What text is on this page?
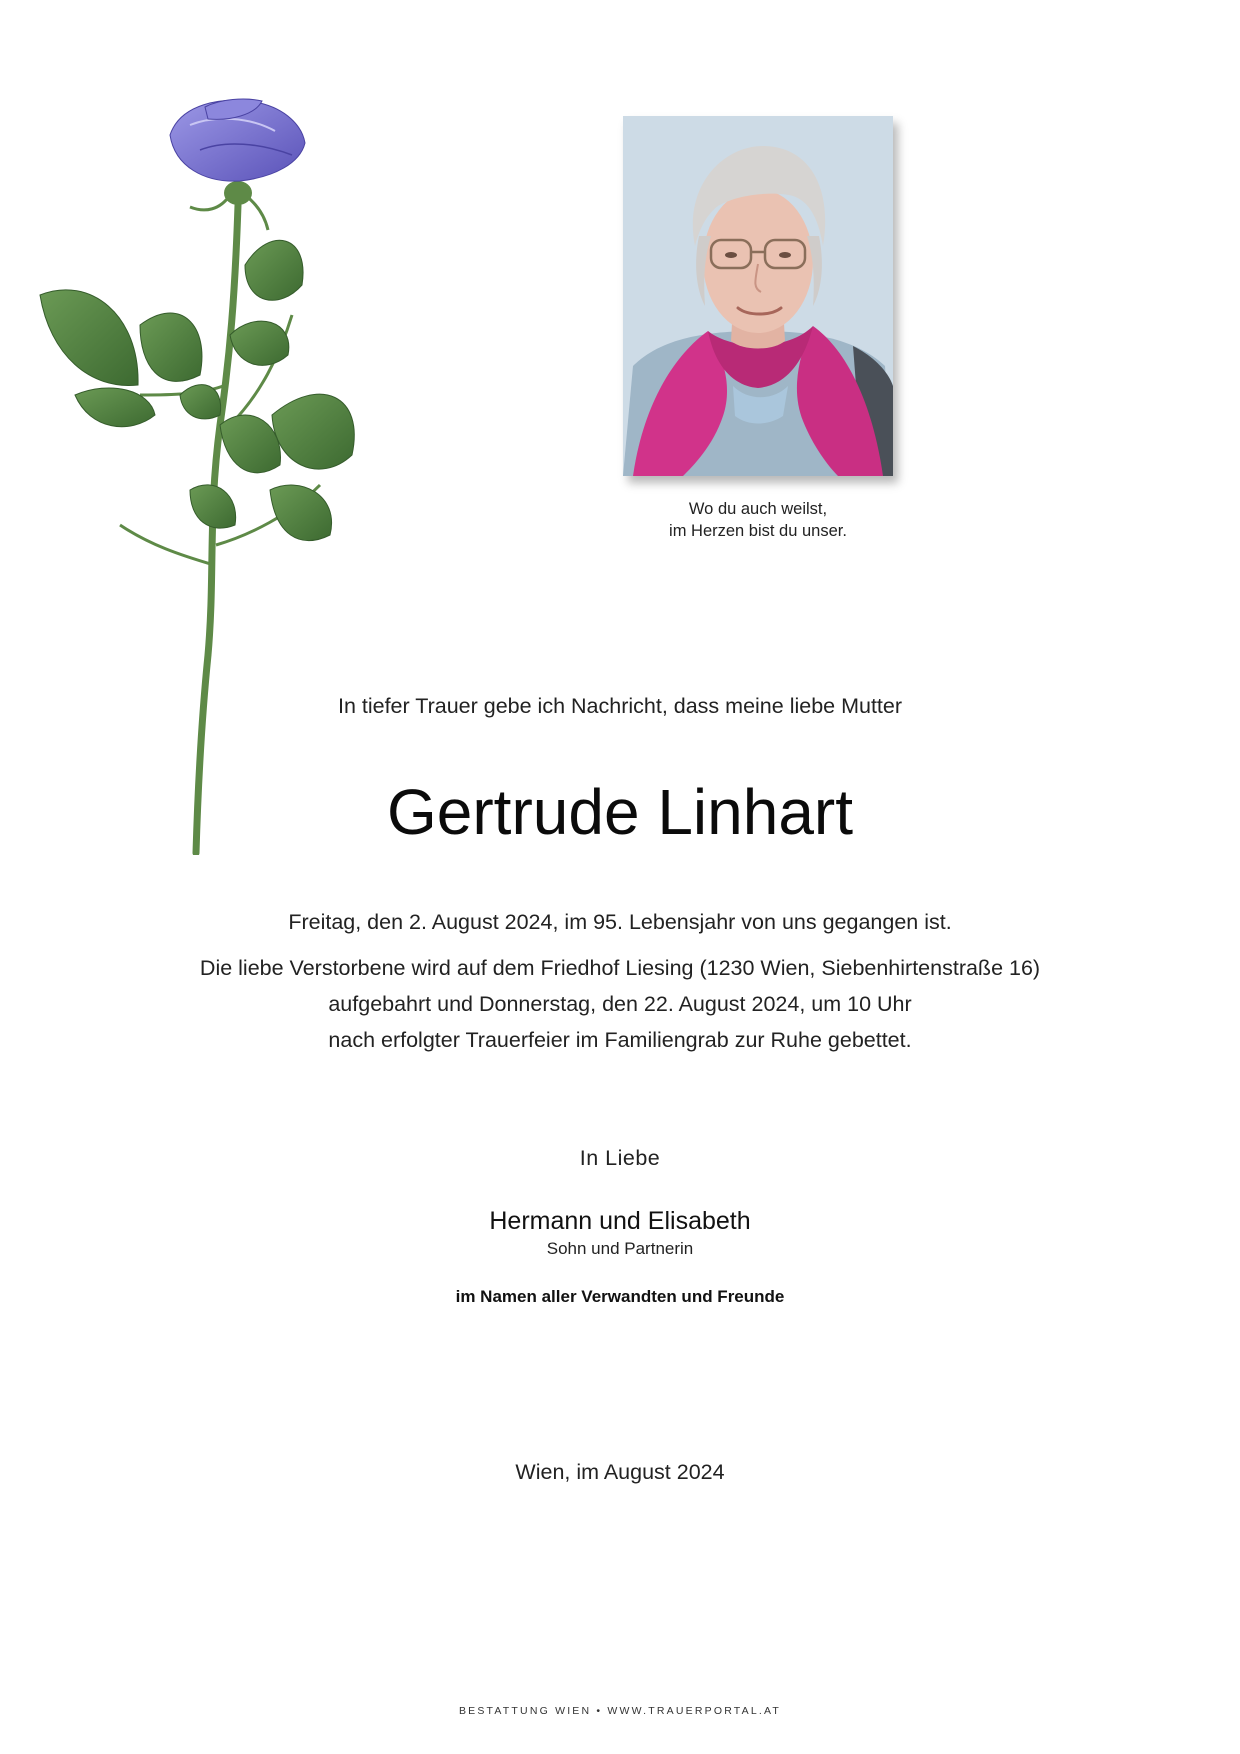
Wo du auch weilst,
im Herzen bist du unser.
In tiefer Trauer gebe ich Nachricht, dass meine liebe Mutter
Gertrude Linhart
Freitag, den 2. August 2024, im 95. Lebensjahr von uns gegangen ist.
Die liebe Verstorbene wird auf dem Friedhof Liesing (1230 Wien, Siebenhirtenstraße 16)
aufgebahrt und Donnerstag, den 22. August 2024, um 10 Uhr
nach erfolgter Trauerfeier im Familiengrab zur Ruhe gebettet.
In Liebe
Hermann und Elisabeth
Sohn und Partnerin
im Namen aller Verwandten und Freunde
Wien, im August 2024
BESTATTUNG WIEN • WWW.TRAUERPORTAL.AT
